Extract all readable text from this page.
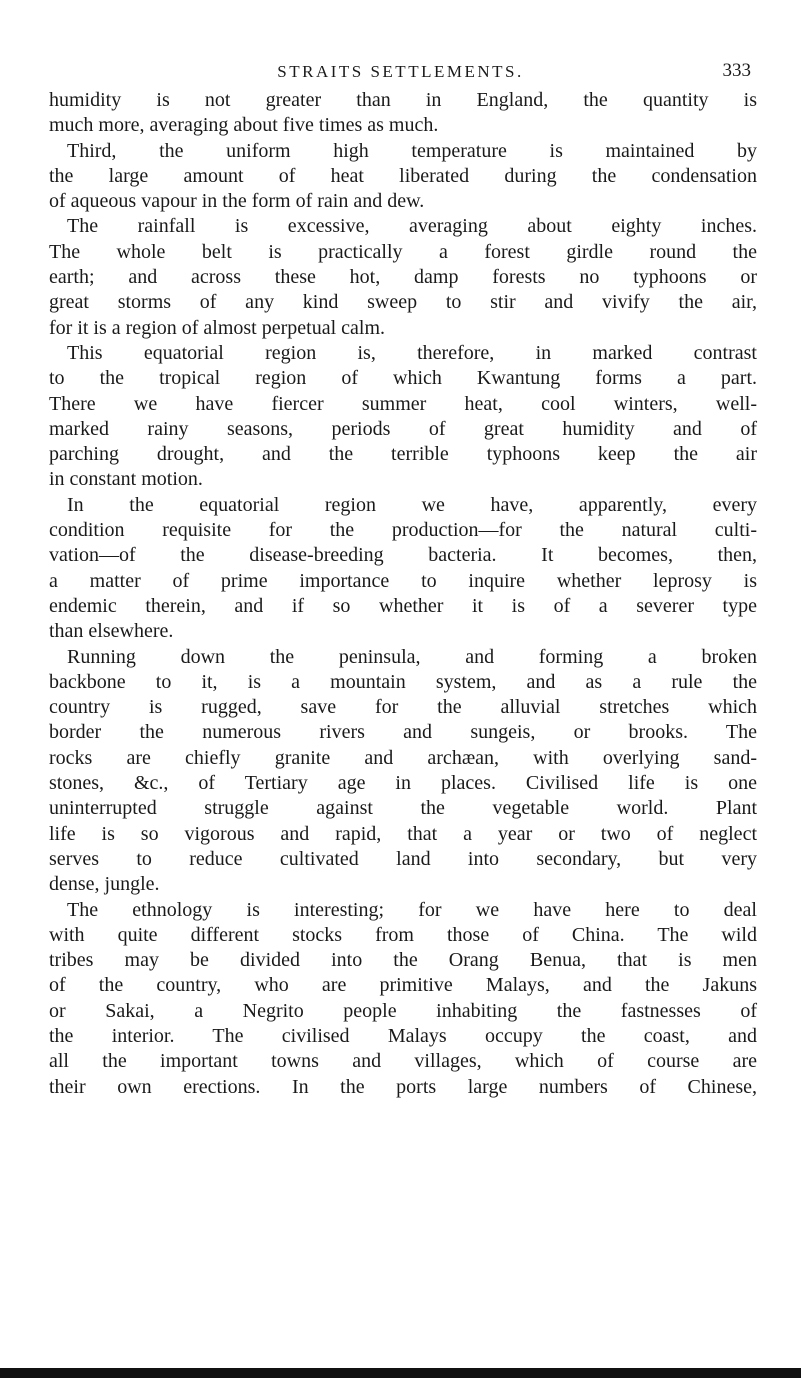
STRAITS SETTLEMENTS.	333
humidity is not greater than in England, the quantity is
much more, averaging about five times as much.
Third, the uniform high temperature is maintained by
the large amount of heat liberated during the condensation
of aqueous vapour in the form of rain and dew.
The rainfall is excessive, averaging about eighty inches.
The whole belt is practically a forest girdle round the
earth; and across these hot, damp forests no typhoons or
great storms of any kind sweep to stir and vivify the air,
for it is a region of almost perpetual calm.
This equatorial region is, therefore, in marked contrast
to the tropical region of which Kwantung forms a part.
There we have fiercer summer heat, cool winters, well-
marked rainy seasons, periods of great humidity and of
parching drought, and the terrible typhoons keep the air
in constant motion.
In the equatorial region we have, apparently, every
condition requisite for the production—for the natural culti-
vation—of the disease-breeding bacteria. It becomes, then,
a matter of prime importance to inquire whether leprosy is
endemic therein, and if so whether it is of a severer type
than elsewhere.
Running down the peninsula, and forming a broken
backbone to it, is a mountain system, and as a rule the
country is rugged, save for the alluvial stretches which
border the numerous rivers and sungeis, or brooks. The
rocks are chiefly granite and archæan, with overlying sand-
stones, &c., of Tertiary age in places. Civilised life is one
uninterrupted struggle against the vegetable world. Plant
life is so vigorous and rapid, that a year or two of neglect
serves to reduce cultivated land into secondary, but very
dense, jungle.
The ethnology is interesting; for we have here to deal
with quite different stocks from those of China. The wild
tribes may be divided into the Orang Benua, that is men
of the country, who are primitive Malays, and the Jakuns
or Sakai, a Negrito people inhabiting the fastnesses of
the interior. The civilised Malays occupy the coast, and
all the important towns and villages, which of course are
their own erections. In the ports large numbers of Chinese,
